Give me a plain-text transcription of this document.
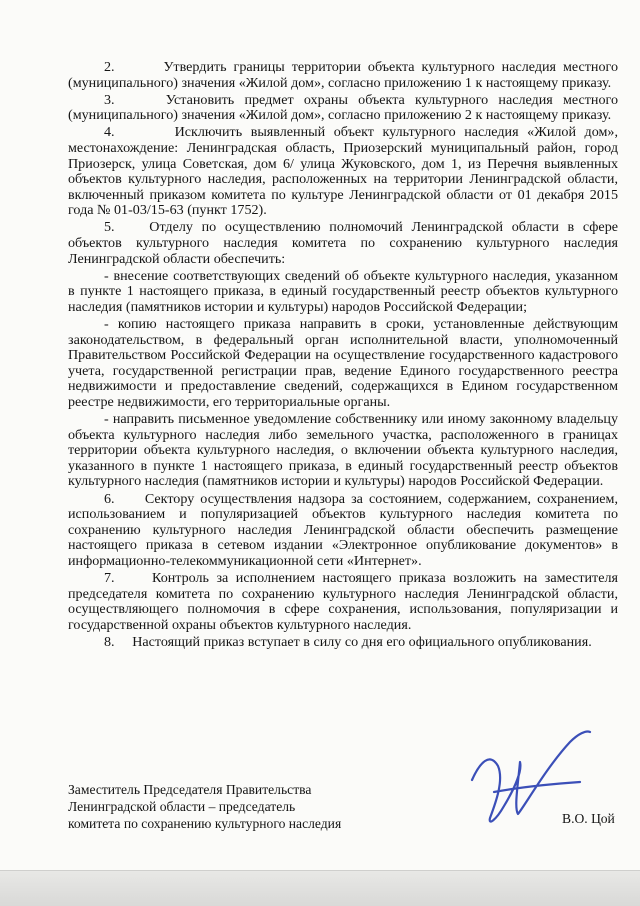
2.	Утвердить границы территории объекта культурного наследия местного (муниципального) значения «Жилой дом», согласно приложению 1 к настоящему приказу.

3.	Установить предмет охраны объекта культурного наследия местного (муниципального) значения «Жилой дом», согласно приложению 2 к настоящему приказу.

4.	Исключить выявленный объект культурного наследия «Жилой дом», местонахождение: Ленинградская область, Приозерский муниципальный район, город Приозерск, улица Советская, дом 6/ улица Жуковского, дом 1, из Перечня выявленных объектов культурного наследия, расположенных на территории Ленинградской области, включенный приказом комитета по культуре Ленинградской области от 01 декабря 2015 года № 01-03/15-63 (пункт 1752).

5. Отделу по осуществлению полномочий Ленинградской области в сфере объектов культурного наследия комитета по сохранению культурного наследия Ленинградской области обеспечить:

- внесение соответствующих сведений об объекте культурного наследия, указанном в пункте 1 настоящего приказа, в единый государственный реестр объектов культурного наследия (памятников истории и культуры) народов Российской Федерации;

- копию настоящего приказа направить в сроки, установленные действующим законодательством, в федеральный орган исполнительной власти, уполномоченный Правительством Российской Федерации на осуществление государственного кадастрового учета, государственной регистрации прав, ведение Единого государственного реестра недвижимости и предоставление сведений, содержащихся в Едином государственном реестре недвижимости, его территориальные органы.

- направить письменное уведомление собственнику или иному законному владельцу объекта культурного наследия либо земельного участка, расположенного в границах территории объекта культурного наследия, о включении объекта культурного наследия, указанного в пункте 1 настоящего приказа, в единый государственный реестр объектов культурного наследия (памятников истории и культуры) народов Российской Федерации.

6. Сектору осуществления надзора за состоянием, содержанием, сохранением, использованием и популяризацией объектов культурного наследия комитета по сохранению культурного наследия Ленинградской области обеспечить размещение настоящего приказа в сетевом издании «Электронное опубликование документов» в информационно-телекоммуникационной сети «Интернет».

7.	Контроль за исполнением настоящего приказа возложить на заместителя председателя комитета по сохранению культурного наследия Ленинградской области, осуществляющего полномочия в сфере сохранения, использования, популяризации и государственной охраны объектов культурного наследия.

8. Настоящий приказ вступает в силу со дня его официального опубликования.

Заместитель Председателя Правительства
Ленинградской области – председатель
комитета по сохранению культурного наследия	В.О. Цой
